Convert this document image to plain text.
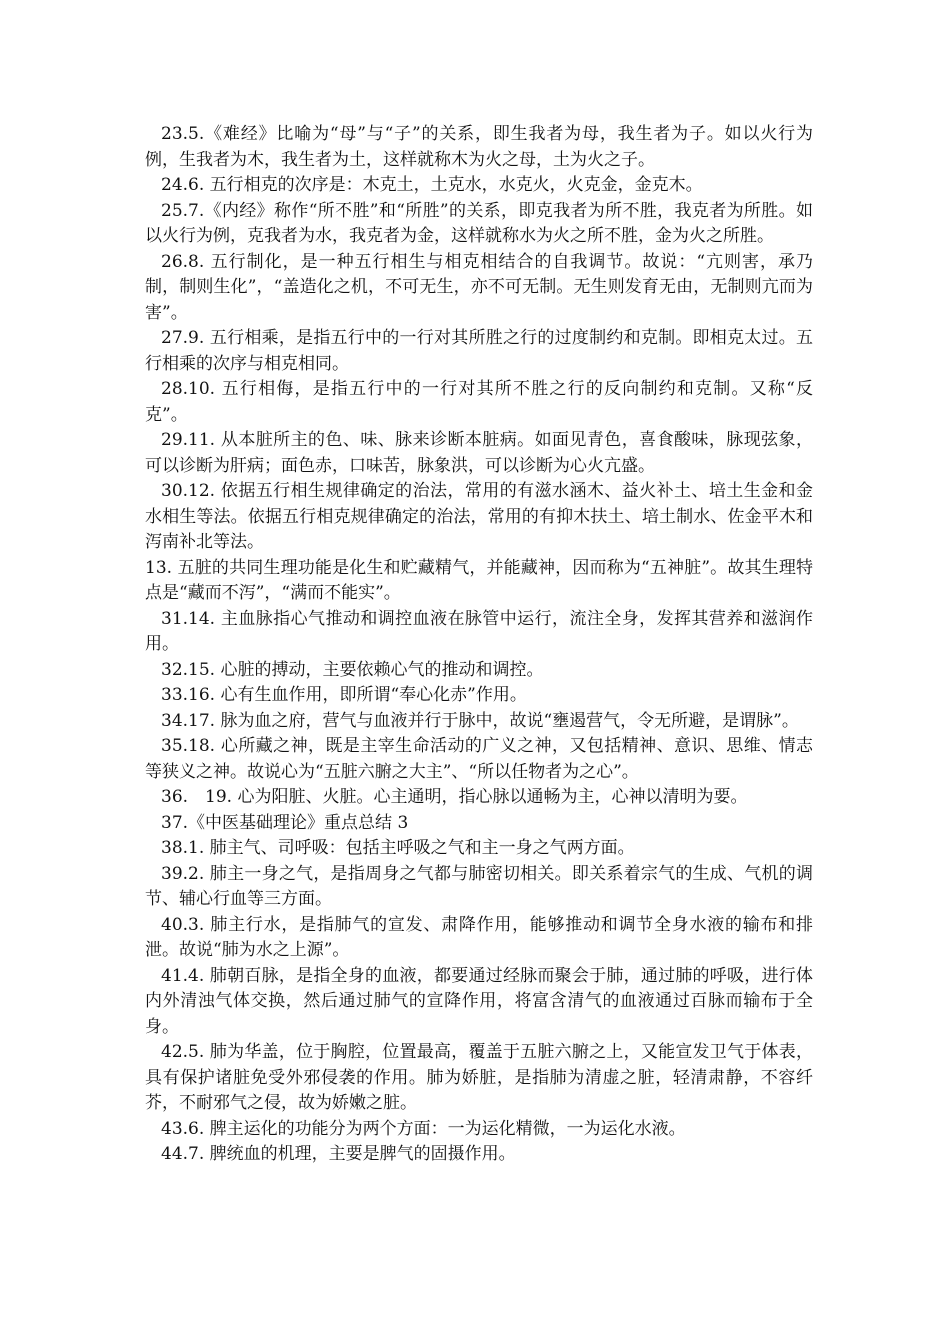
23.5.《难经》比喻为“母”与“子”的关系，即生我者为母，我生者为子。如以火行为例，生我者为木，我生者为土，这样就称木为火之母，土为火之子。

24.6. 五行相克的次序是：木克土，土克水，水克火，火克金，金克木。

25.7.《内经》称作“所不胜”和“所胜”的关系，即克我者为所不胜，我克者为所胜。如以火行为例，克我者为水，我克者为金，这样就称水为火之所不胜，金为火之所胜。

26.8. 五行制化，是一种五行相生与相克相结合的自我调节。故说：“亢则害，承乃制，制则生化”，“盖造化之机，不可无生，亦不可无制。无生则发育无由，无制则亢而为害”。

27.9. 五行相乘，是指五行中的一行对其所胜之行的过度制约和克制。即相克太过。五行相乘的次序与相克相同。

28.10. 五行相侮，是指五行中的一行对其所不胜之行的反向制约和克制。又称“反克”。

29.11. 从本脏所主的色、味、脉来诊断本脏病。如面见青色，喜食酸味，脉现弦象，可以诊断为肝病；面色赤，口味苦，脉象洪，可以诊断为心火亢盛。

30.12. 依据五行相生规律确定的治法，常用的有滋水涵木、益火补土、培土生金和金水相生等法。依据五行相克规律确定的治法，常用的有抑木扶土、培土制水、佐金平木和泻南补北等法。

13. 五脏的共同生理功能是化生和贮藏精气，并能藏神，因而称为“五神脏”。故其生理特点是“藏而不泻”，“满而不能实”。

31.14. 主血脉指心气推动和调控血液在脉管中运行，流注全身，发挥其营养和滋润作用。

32.15. 心脏的搏动，主要依赖心气的推动和调控。

33.16. 心有生血作用，即所谓“奉心化赤”作用。

34.17. 脉为血之府，营气与血液并行于脉中，故说“壅遏营气，令无所避，是谓脉”。

35.18. 心所藏之神，既是主宰生命活动的广义之神，又包括精神、意识、思维、情志等狭义之神。故说心为“五脏六腑之大主”、“所以任物者为之心”。

36.　19. 心为阳脏、火脏。心主通明，指心脉以通畅为主，心神以清明为要。

37.《中医基础理论》重点总结 3

38.1. 肺主气、司呼吸：包括主呼吸之气和主一身之气两方面。

39.2. 肺主一身之气，是指周身之气都与肺密切相关。即关系着宗气的生成、气机的调节、辅心行血等三方面。

40.3. 肺主行水，是指肺气的宣发、肃降作用，能够推动和调节全身水液的输布和排泄。故说“肺为水之上源”。

41.4. 肺朝百脉，是指全身的血液，都要通过经脉而聚会于肺，通过肺的呼吸，进行体内外清浊气体交换，然后通过肺气的宣降作用，将富含清气的血液通过百脉而输布于全身。

42.5. 肺为华盖，位于胸腔，位置最高，覆盖于五脏六腑之上，又能宣发卫气于体表，具有保护诸脏免受外邪侵袭的作用。肺为娇脏，是指肺为清虚之脏，轻清肃静，不容纤芥，不耐邪气之侵，故为娇嫩之脏。

43.6. 脾主运化的功能分为两个方面：一为运化精微，一为运化水液。

44.7. 脾统血的机理，主要是脾气的固摄作用。
